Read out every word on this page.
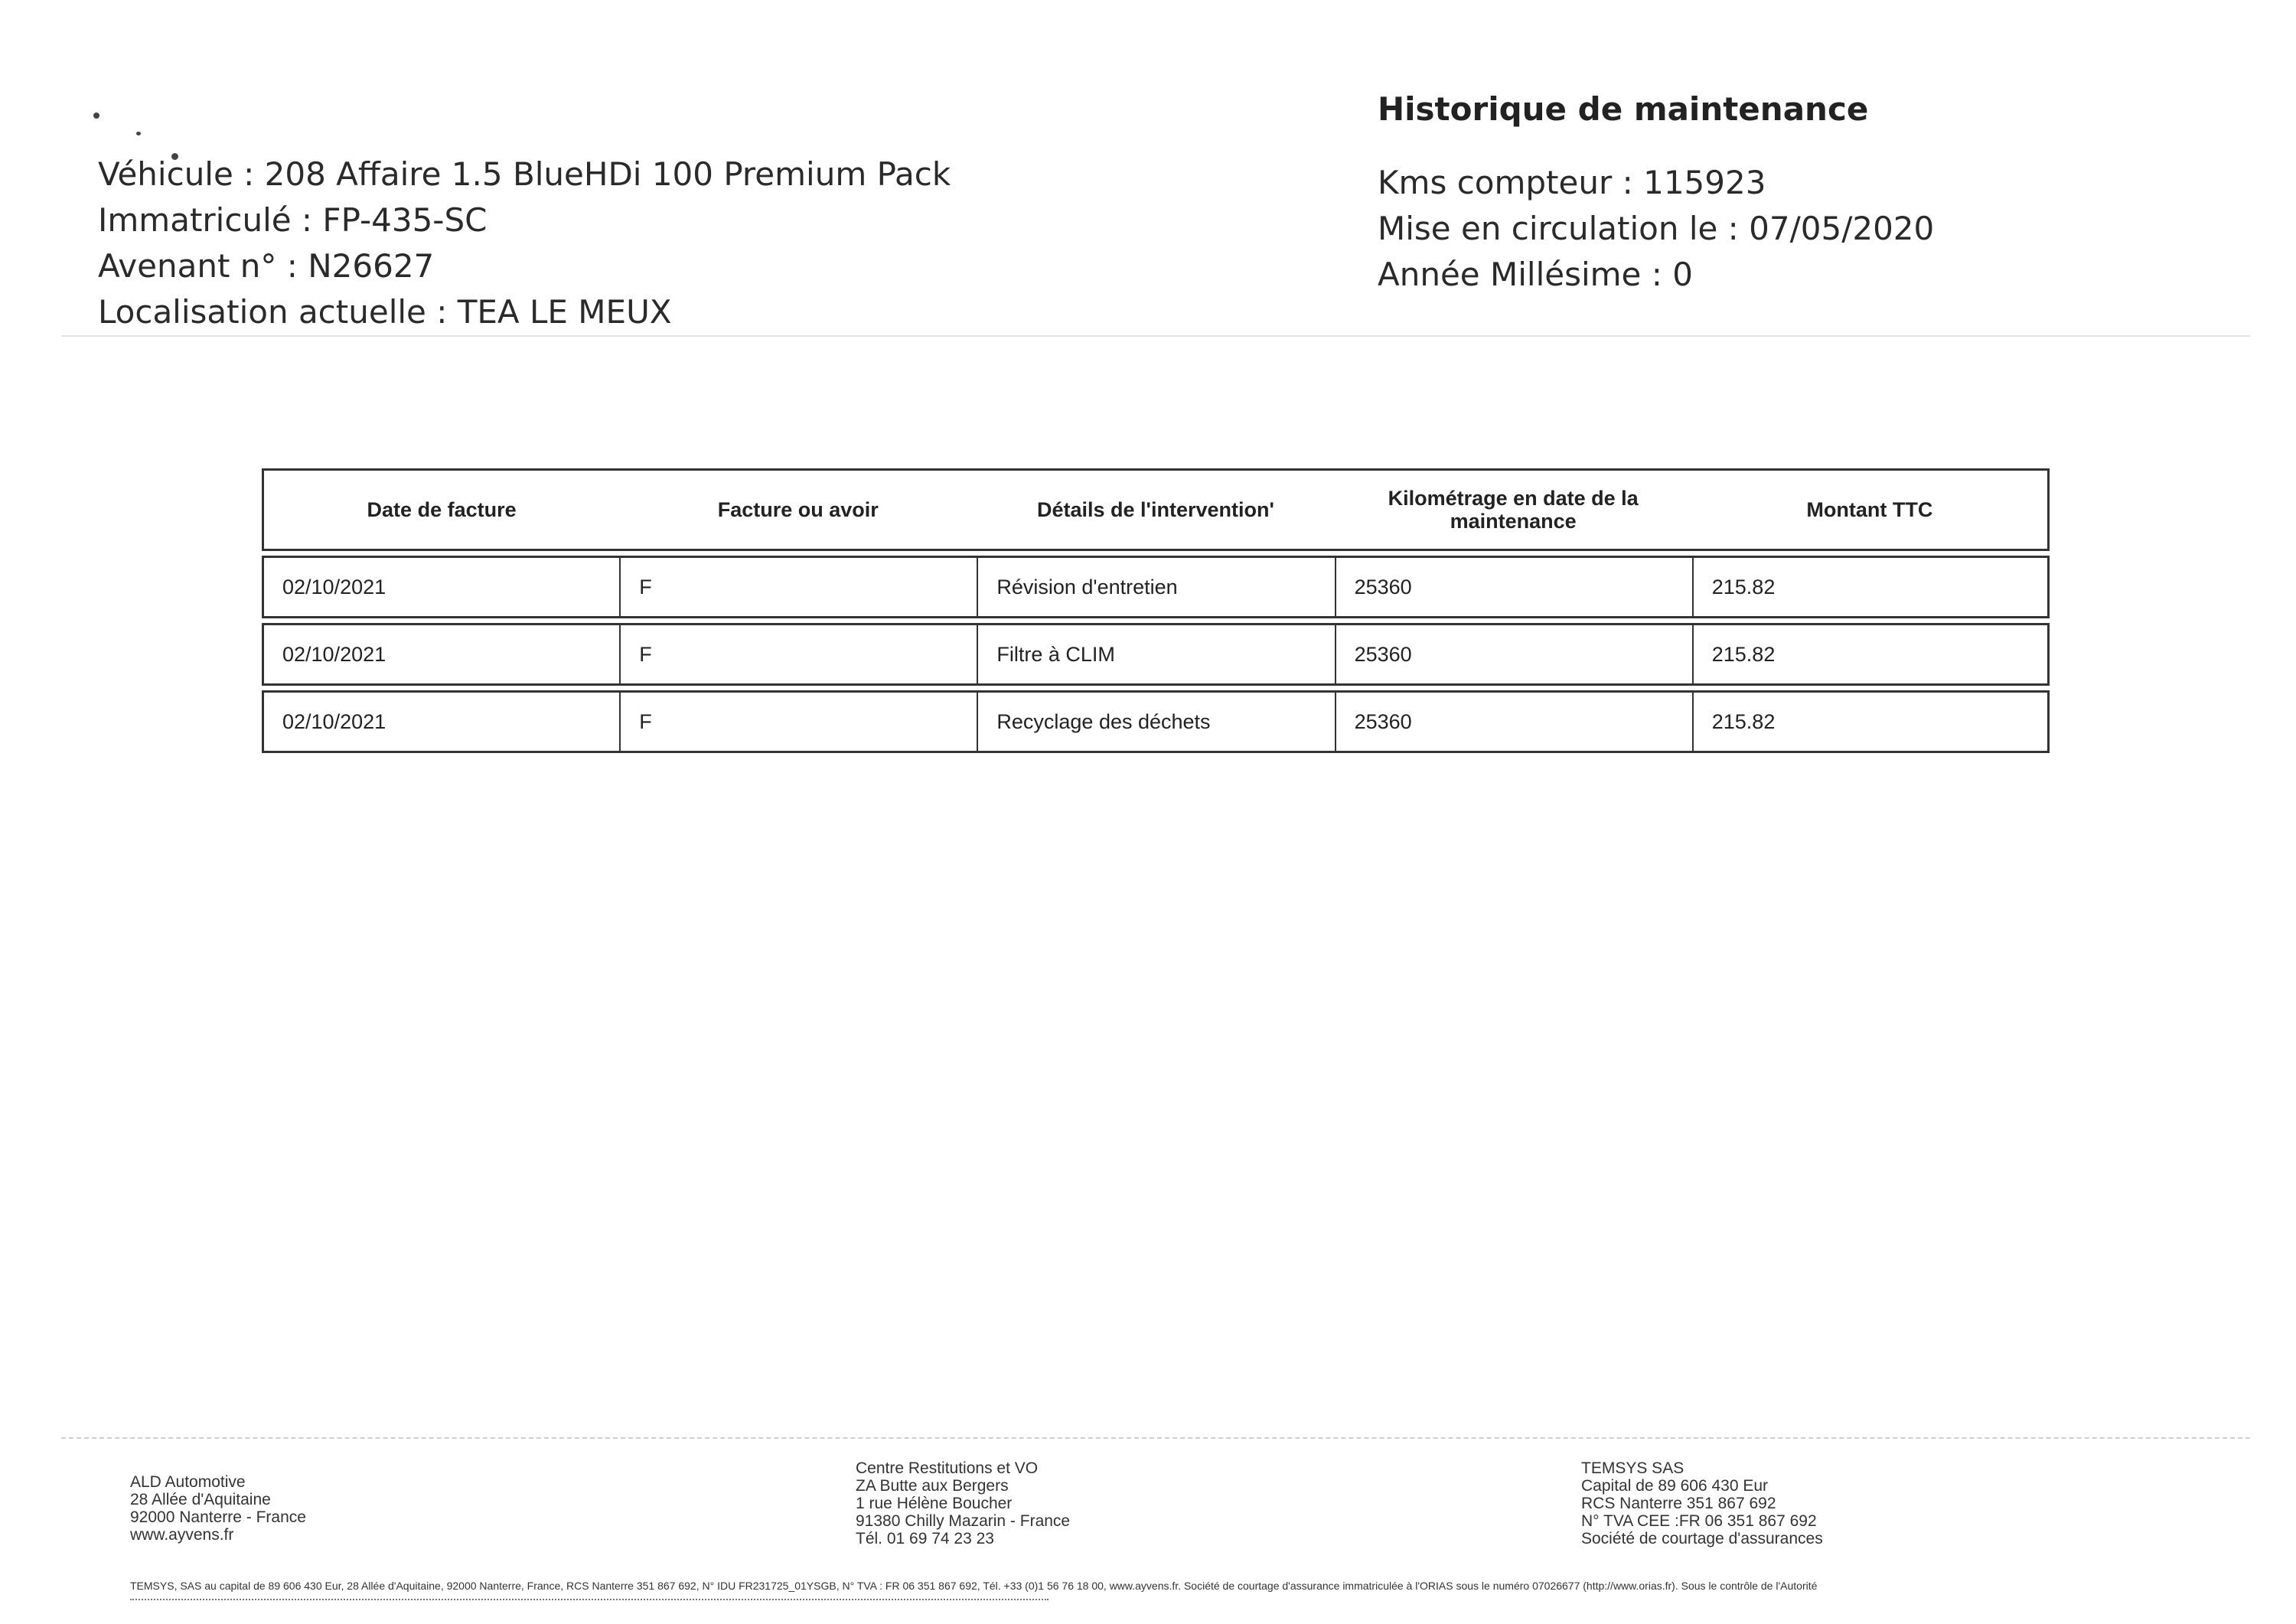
Véhicule : 208 Affaire 1.5 BlueHDi 100 Premium Pack
Immatriculé : FP-435-SC
Avenant n° : N26627
Localisation actuelle : TEA LE MEUX
Historique de maintenance
Kms compteur : 115923
Mise en circulation le : 07/05/2020
Année Millésime : 0
Date de facture	Facture ou avoir	Détails de l'intervention'	Kilométrage en date de la maintenance	Montant TTC
02/10/2021	F	Révision d'entretien	25360	215.82
02/10/2021	F	Filtre à CLIM	25360	215.82
02/10/2021	F	Recyclage des déchets	25360	215.82
ALD Automotive
28 Allée d'Aquitaine
92000 Nanterre - France
www.ayvens.fr
Centre Restitutions et VO
ZA Butte aux Bergers
1 rue Hélène Boucher
91380 Chilly Mazarin - France
Tél. 01 69 74 23 23
TEMSYS SAS
Capital de 89 606 430 Eur
RCS Nanterre 351 867 692
N° TVA CEE :FR 06 351 867 692
Société de courtage d'assurances
TEMSYS, SAS au capital de 89 606 430 Eur, 28 Allée d'Aquitaine, 92000 Nanterre, France, RCS Nanterre 351 867 692, N° IDU FR231725_01YSGB, N° TVA : FR 06 351 867 692, Tél. +33 (0)1 56 76 18 00, www.ayvens.fr. Société de courtage d'assurance immatriculée à l'ORIAS sous le numéro 07026677 (http://www.orias.fr). Sous le contrôle de l'Autorité
